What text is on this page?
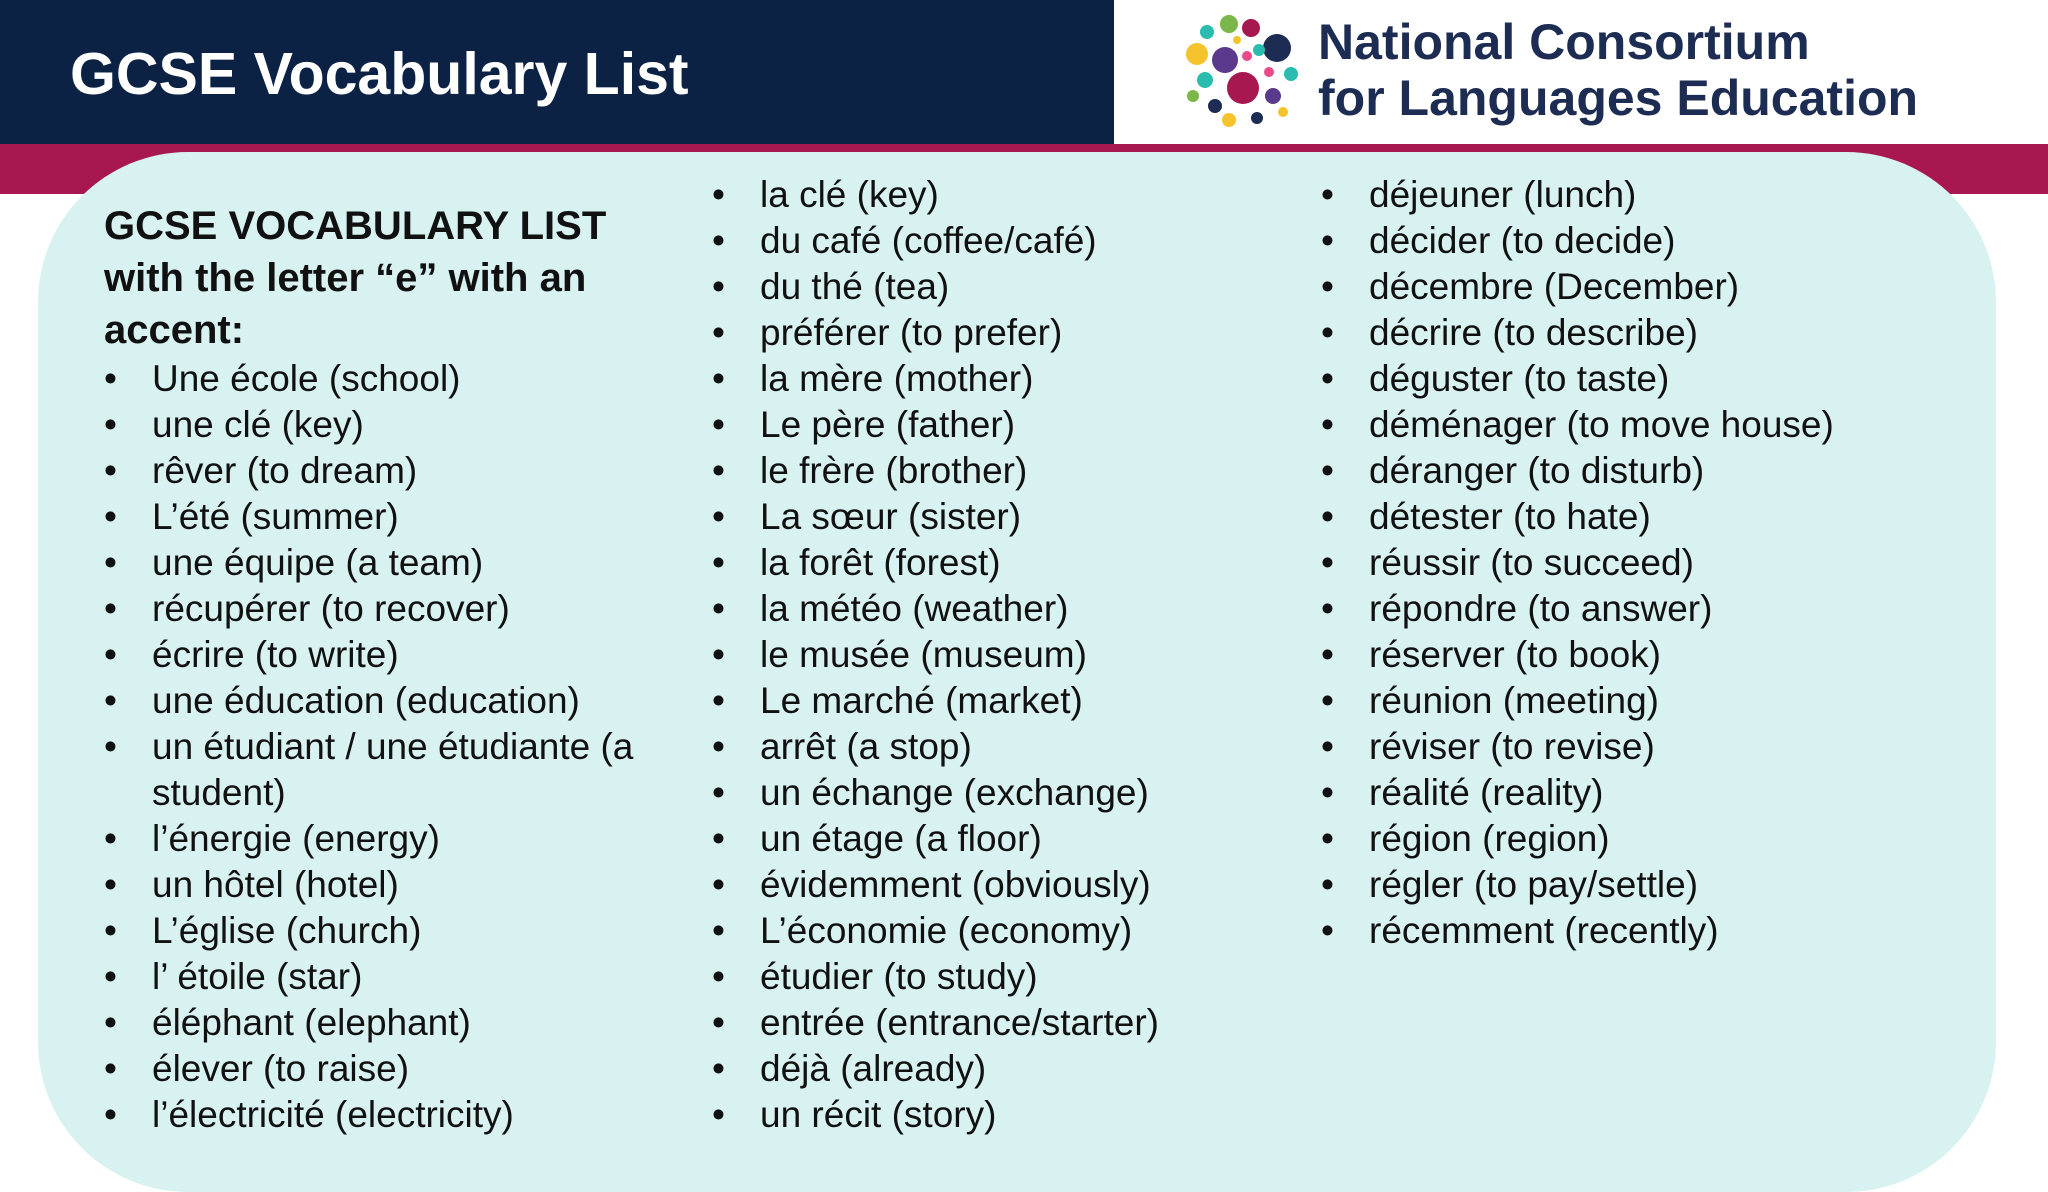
GCSE Vocabulary List	National Consortium
for Languages Education
GCSE VOCABULARY LIST
with the letter “e” with an
accent:
• Une école (school)
• une clé (key)
• rêver (to dream)
• L’été (summer)
• une équipe (a team)
• récupérer (to recover)
• écrire (to write)
• une éducation (education)
• un étudiant / une étudiante (a student)
• l’énergie (energy)
• un hôtel (hotel)
• L’église (church)
• l’ étoile (star)
• éléphant (elephant)
• élever (to raise)
• l’électricité (electricity)
• la clé (key)
• du café (coffee/café)
• du thé (tea)
• préférer (to prefer)
• la mère (mother)
• Le père (father)
• le frère (brother)
• La sœur (sister)
• la forêt (forest)
• la météo (weather)
• le musée (museum)
• Le marché (market)
• arrêt (a stop)
• un échange (exchange)
• un étage (a floor)
• évidemment (obviously)
• L’économie (economy)
• étudier (to study)
• entrée (entrance/starter)
• déjà (already)
• un récit (story)
• déjeuner (lunch)
• décider (to decide)
• décembre (December)
• décrire (to describe)
• déguster (to taste)
• déménager (to move house)
• déranger (to disturb)
• détester (to hate)
• réussir (to succeed)
• répondre (to answer)
• réserver (to book)
• réunion (meeting)
• réviser (to revise)
• réalité (reality)
• région (region)
• régler (to pay/settle)
• récemment (recently)
